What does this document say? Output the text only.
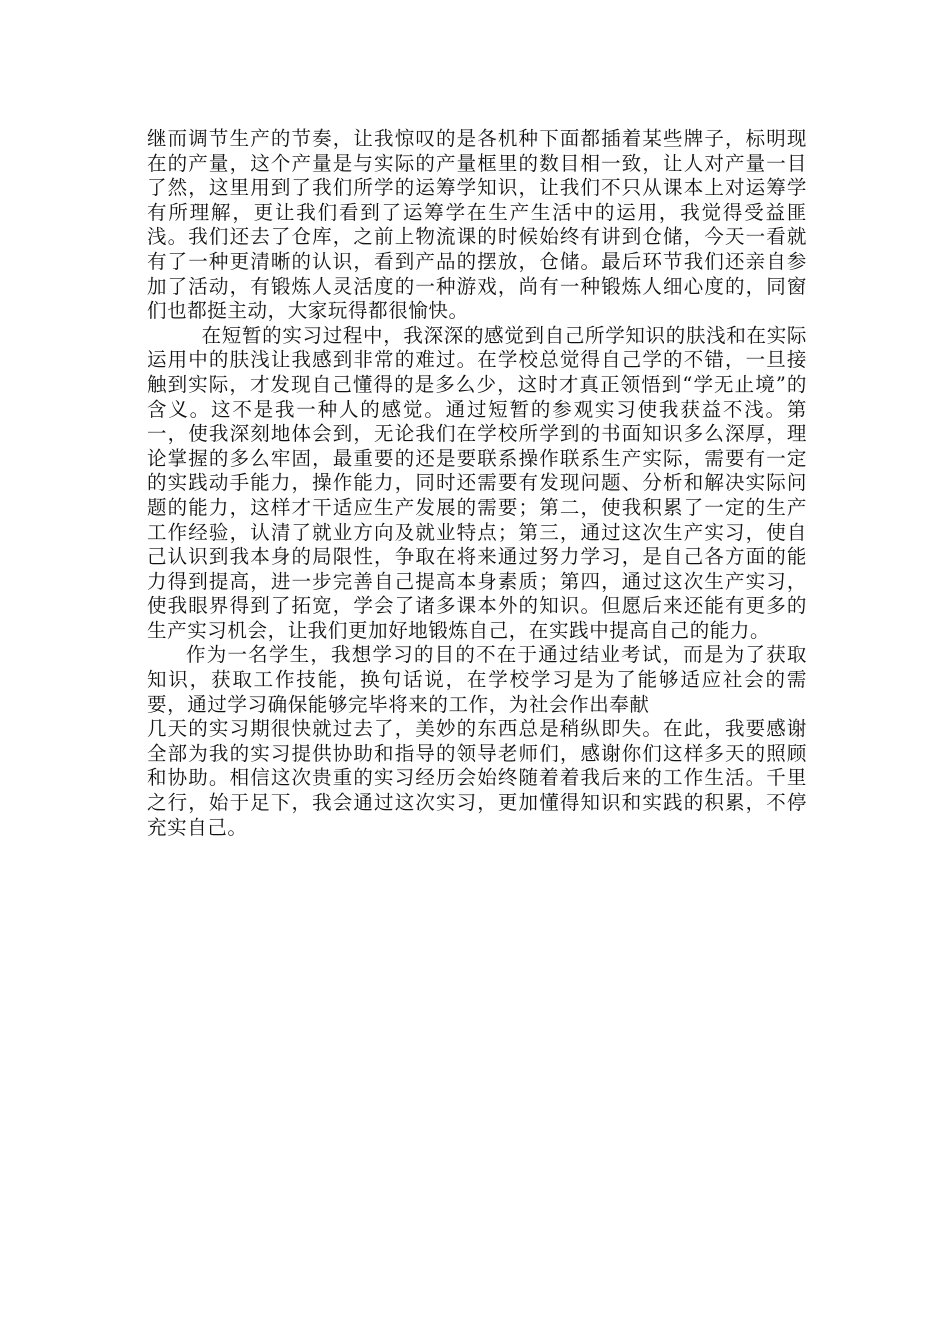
继而调节生产的节奏，让我惊叹的是各机种下面都插着某些牌子，标明现在的产量，这个产量是与实际的产量框里的数目相一致，让人对产量一目了然，这里用到了我们所学的运筹学知识，让我们不只从课本上对运筹学有所理解，更让我们看到了运筹学在生产生活中的运用，我觉得受益匪浅。我们还去了仓库，之前上物流课的时候始终有讲到仓储，今天一看就有了一种更清晰的认识，看到产品的摆放，仓储。最后环节我们还亲自参加了活动，有锻炼人灵活度的一种游戏，尚有一种锻炼人细心度的，同窗们也都挺主动，大家玩得都很愉快。

在短暂的实习过程中，我深深的感觉到自己所学知识的肤浅和在实际运用中的肤浅让我感到非常的难过。在学校总觉得自己学的不错，一旦接触到实际，才发现自己懂得的是多么少，这时才真正领悟到“学无止境”的含义。这不是我一种人的感觉。通过短暂的参观实习使我获益不浅。第一，使我深刻地体会到，无论我们在学校所学到的书面知识多么深厚，理论掌握的多么牢固，最重要的还是要联系操作联系生产实际，需要有一定的实践动手能力，操作能力，同时还需要有发现问题、分析和解决实际问题的能力，这样才干适应生产发展的需要；第二，使我积累了一定的生产工作经验，认清了就业方向及就业特点；第三，通过这次生产实习，使自己认识到我本身的局限性，争取在将来通过努力学习，是自己各方面的能力得到提高，进一步完善自己提高本身素质；第四，通过这次生产实习，使我眼界得到了拓宽，学会了诸多课本外的知识。但愿后来还能有更多的生产实习机会，让我们更加好地锻炼自己，在实践中提高自己的能力。

作为一名学生，我想学习的目的不在于通过结业考试，而是为了获取知识，获取工作技能，换句话说，在学校学习是为了能够适应社会的需要，通过学习确保能够完毕将来的工作，为社会作出奉献

几天的实习期很快就过去了，美妙的东西总是稍纵即失。在此，我要感谢全部为我的实习提供协助和指导的领导老师们，感谢你们这样多天的照顾和协助。相信这次贵重的实习经历会始终随着着我后来的工作生活。千里之行，始于足下，我会通过这次实习，更加懂得知识和实践的积累，不停充实自己。
